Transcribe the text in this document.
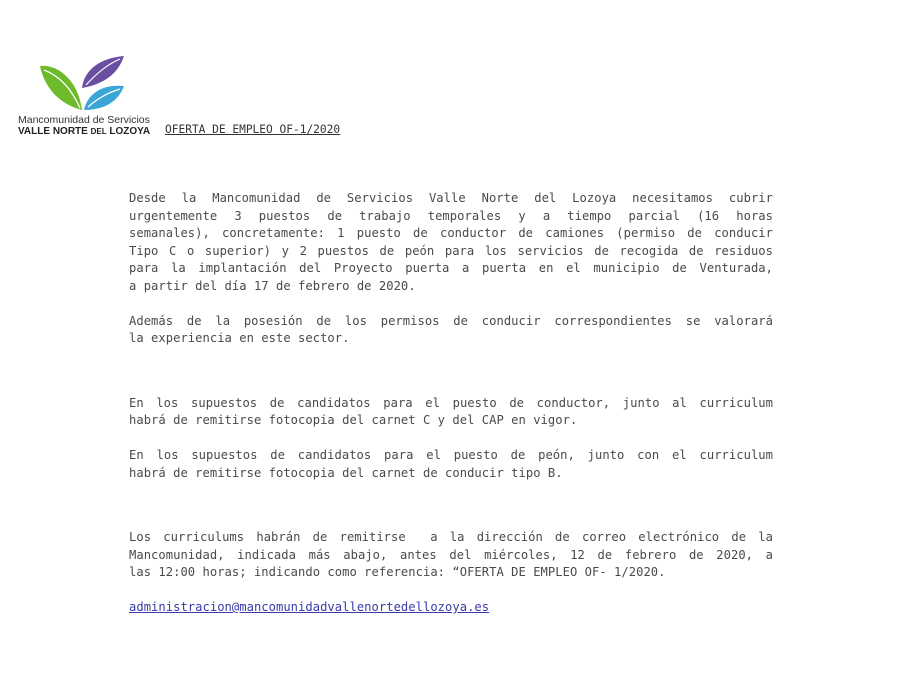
Mancomunidad de Servicios
VALLE NORTE DEL LOZOYA OFERTA DE EMPLEO OF-1/2020
Desde la Mancomunidad de Servicios Valle Norte del Lozoya necesitamos cubrir
urgentemente 3 puestos de trabajo temporales y a tiempo parcial (16 horas
semanales), concretamente: 1 puesto de conductor de camiones (permiso de conducir
Tipo C o superior) y 2 puestos de peón para los servicios de recogida de residuos
para la implantación del Proyecto puerta a puerta en el municipio de Venturada,
a partir del día 17 de febrero de 2020.
Además de la posesión de los permisos de conducir correspondientes se valorará
la experiencia en este sector.
En los supuestos de candidatos para el puesto de conductor, junto al curriculum
habrá de remitirse fotocopia del carnet C y del CAP en vigor.
En los supuestos de candidatos para el puesto de peón, junto con el curriculum
habrá de remitirse fotocopia del carnet de conducir tipo B.
Los curriculums habrán de remitirse  a la dirección de correo electrónico de la
Mancomunidad, indicada más abajo, antes del miércoles, 12 de febrero de 2020, a
las 12:00 horas; indicando como referencia: “OFERTA DE EMPLEO OF- 1/2020.
administracion@mancomunidadvallenortedellozoya.es
